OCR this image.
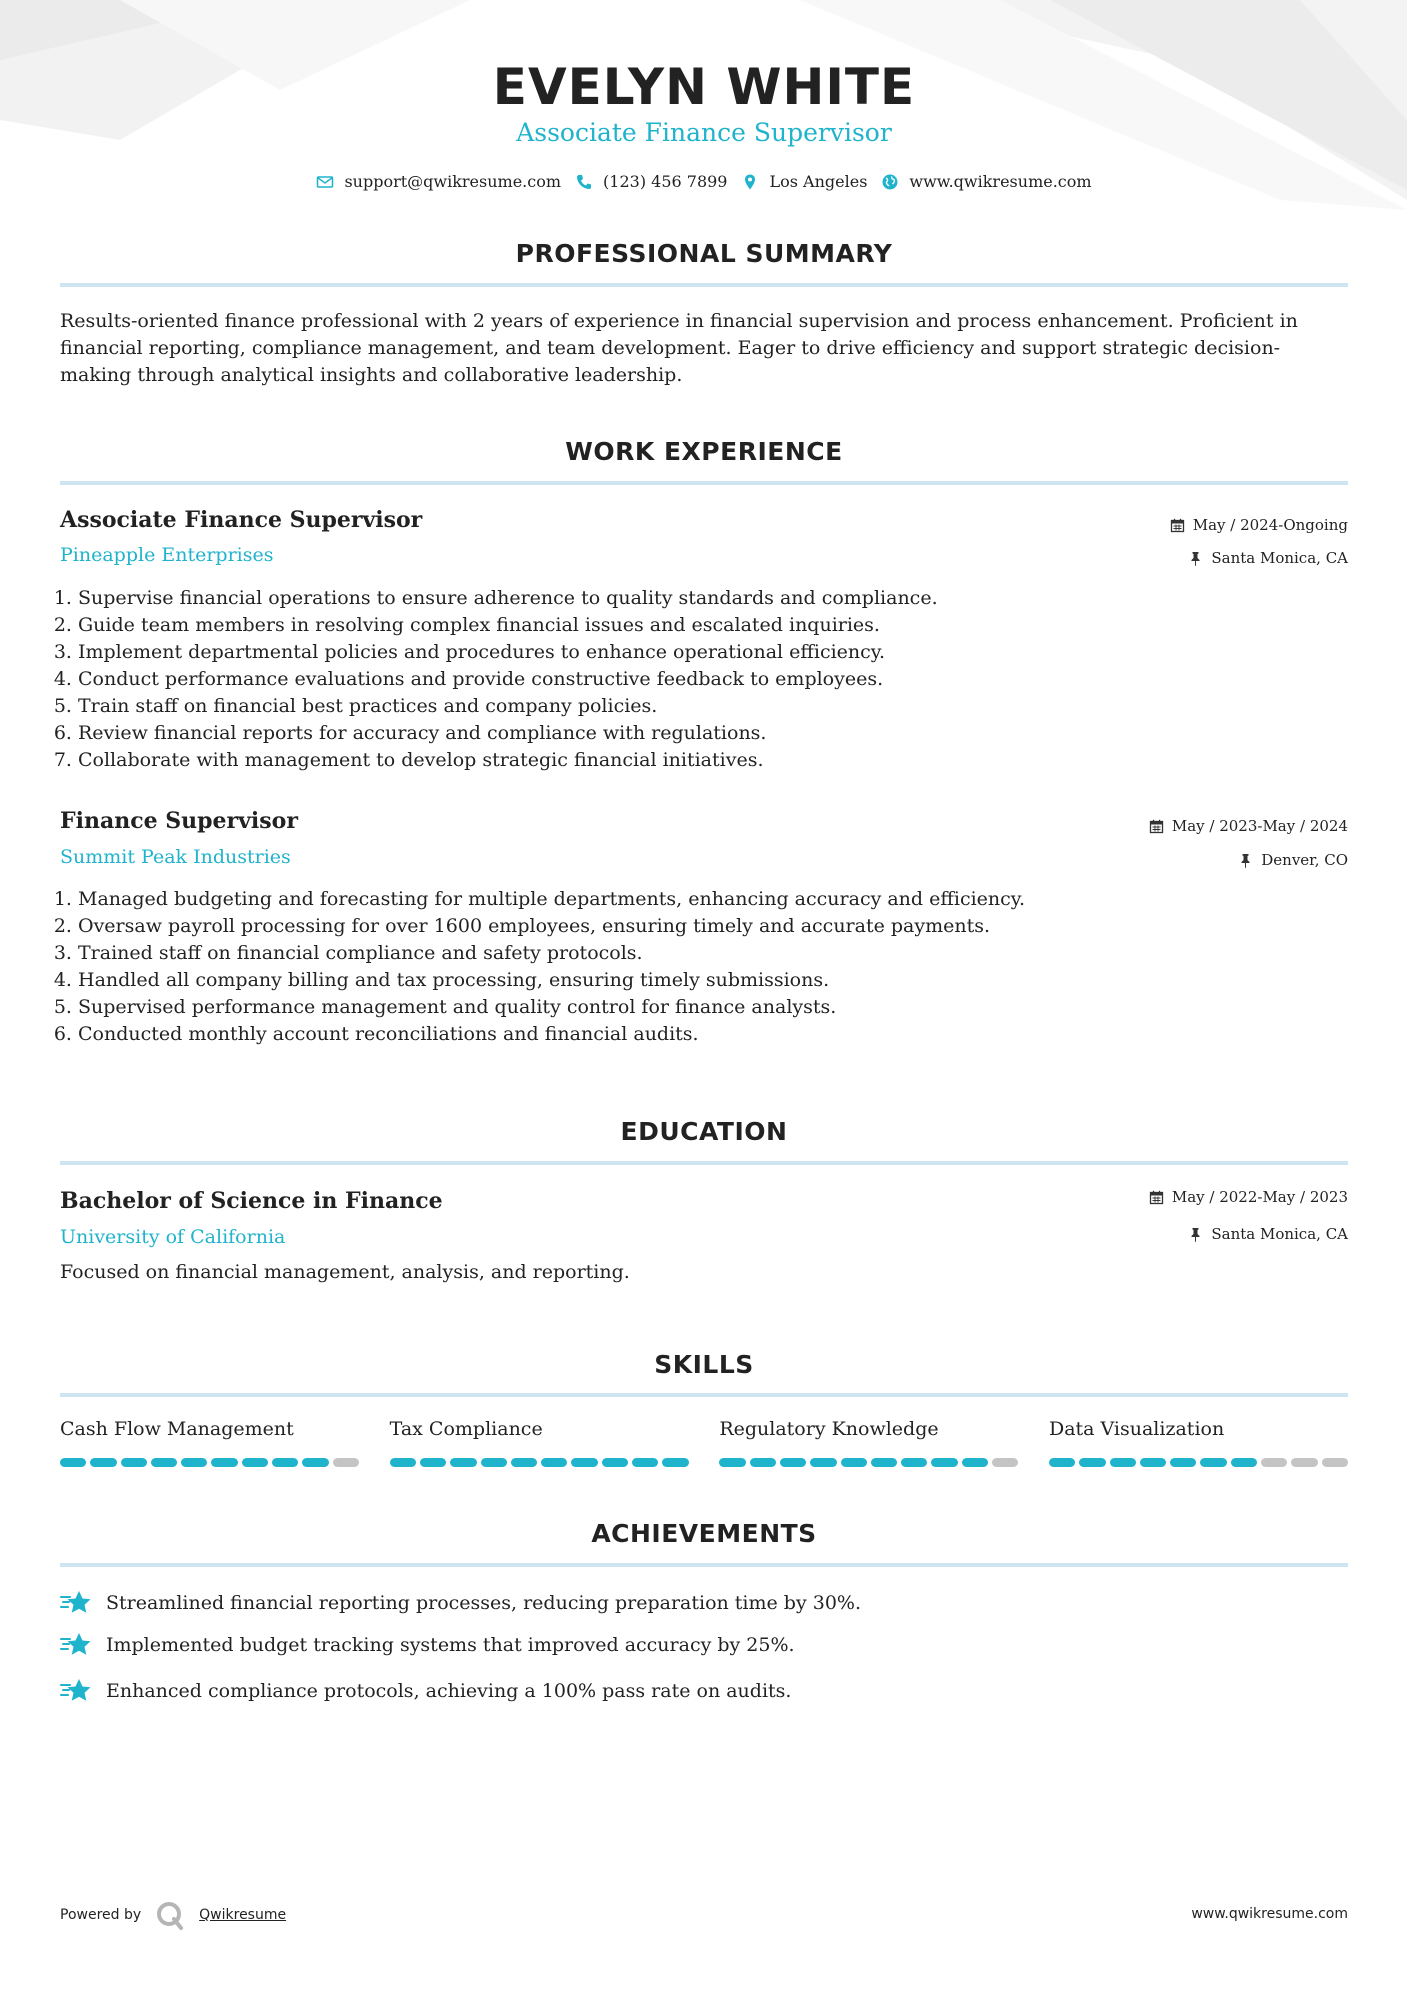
EVELYN WHITE
Associate Finance Supervisor
support@qwikresume.com	(123) 456 7899	Los Angeles	www.qwikresume.com
PROFESSIONAL SUMMARY

Results-oriented finance professional with 2 years of experience in financial supervision and process enhancement. Proficient in financial reporting, compliance management, and team development. Eager to drive efficiency and support strategic decision-making through analytical insights and collaborative leadership.

WORK EXPERIENCE
Associate Finance Supervisor
Pineapple Enterprises
May / 2024-Ongoing
Santa Monica, CA
1. Supervise financial operations to ensure adherence to quality standards and compliance.
2. Guide team members in resolving complex financial issues and escalated inquiries.
3. Implement departmental policies and procedures to enhance operational efficiency.
4. Conduct performance evaluations and provide constructive feedback to employees.
5. Train staff on financial best practices and company policies.
6. Review financial reports for accuracy and compliance with regulations.
7. Collaborate with management to develop strategic financial initiatives.
Finance Supervisor
Summit Peak Industries
May / 2023-May / 2024
Denver, CO
1. Managed budgeting and forecasting for multiple departments, enhancing accuracy and efficiency.
2. Oversaw payroll processing for over 1600 employees, ensuring timely and accurate payments.
3. Trained staff on financial compliance and safety protocols.
4. Handled all company billing and tax processing, ensuring timely submissions.
5. Supervised performance management and quality control for finance analysts.
6. Conducted monthly account reconciliations and financial audits.
EDUCATION
Bachelor of Science in Finance
University of California
May / 2022-May / 2023
Santa Monica, CA

Focused on financial management, analysis, and reporting.

SKILLS
Cash Flow Management	Tax Compliance	Regulatory Knowledge	Data Visualization
ACHIEVEMENTS
Streamlined financial reporting processes, reducing preparation time by 30%.
Implemented budget tracking systems that improved accuracy by 25%.
Enhanced compliance protocols, achieving a 100% pass rate on audits.
Powered by	Qwikresume	www.qwikresume.com
